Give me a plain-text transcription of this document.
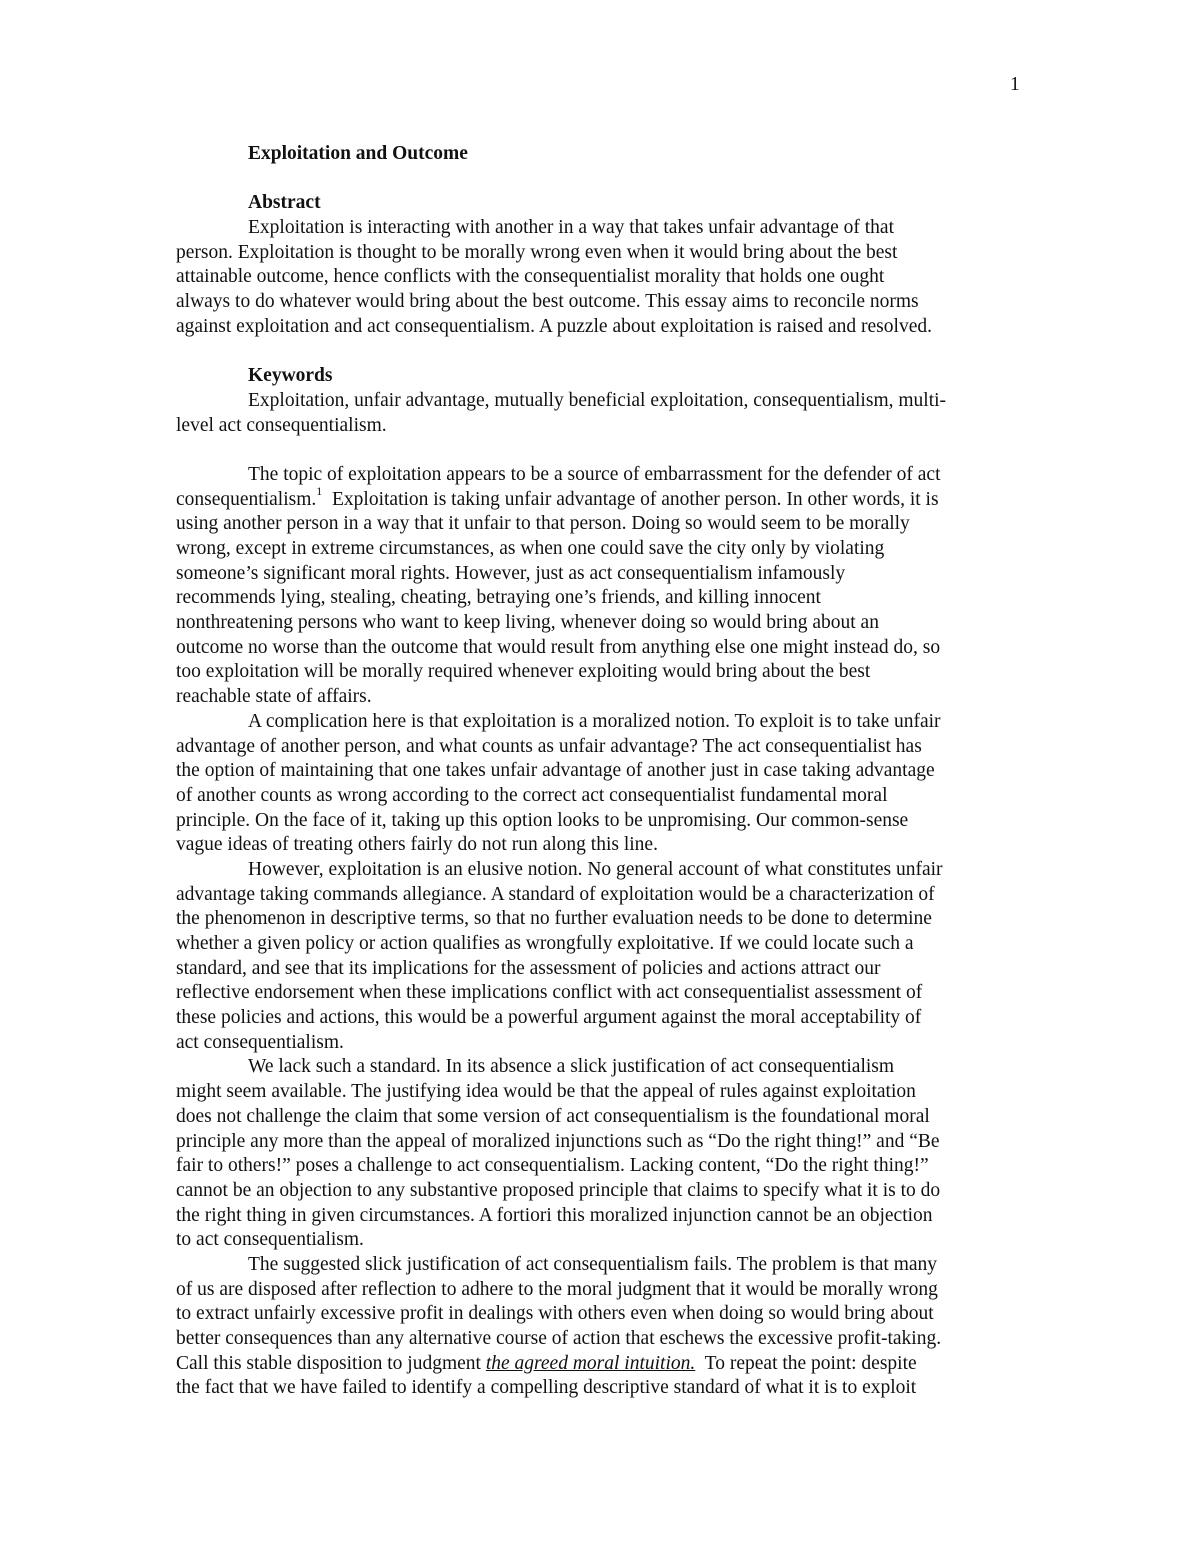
1
Exploitation and Outcome
Abstract
Exploitation is interacting with another in a way that takes unfair advantage of that
person. Exploitation is thought to be morally wrong even when it would bring about the best
attainable outcome, hence conflicts with the consequentialist morality that holds one ought
always to do whatever would bring about the best outcome. This essay aims to reconcile norms
against exploitation and act consequentialism. A puzzle about exploitation is raised and resolved.
Keywords
Exploitation, unfair advantage, mutually beneficial exploitation, consequentialism, multi-
level act consequentialism.
The topic of exploitation appears to be a source of embarrassment for the defender of act
consequentialism.$^1$  Exploitation is taking unfair advantage of another person. In other words, it is
using another person in a way that it unfair to that person. Doing so would seem to be morally
wrong, except in extreme circumstances, as when one could save the city only by violating
someone’s significant moral rights. However, just as act consequentialism infamously
recommends lying, stealing, cheating, betraying one’s friends, and killing innocent
nonthreatening persons who want to keep living, whenever doing so would bring about an
outcome no worse than the outcome that would result from anything else one might instead do, so
too exploitation will be morally required whenever exploiting would bring about the best
reachable state of affairs.
A complication here is that exploitation is a moralized notion. To exploit is to take unfair
advantage of another person, and what counts as unfair advantage? The act consequentialist has
the option of maintaining that one takes unfair advantage of another just in case taking advantage
of another counts as wrong according to the correct act consequentialist fundamental moral
principle. On the face of it, taking up this option looks to be unpromising. Our common-sense
vague ideas of treating others fairly do not run along this line.
However, exploitation is an elusive notion. No general account of what constitutes unfair
advantage taking commands allegiance. A standard of exploitation would be a characterization of
the phenomenon in descriptive terms, so that no further evaluation needs to be done to determine
whether a given policy or action qualifies as wrongfully exploitative. If we could locate such a
standard, and see that its implications for the assessment of policies and actions attract our
reflective endorsement when these implications conflict with act consequentialist assessment of
these policies and actions, this would be a powerful argument against the moral acceptability of
act consequentialism.
We lack such a standard. In its absence a slick justification of act consequentialism
might seem available. The justifying idea would be that the appeal of rules against exploitation
does not challenge the claim that some version of act consequentialism is the foundational moral
principle any more than the appeal of moralized injunctions such as “Do the right thing!” and “Be
fair to others!” poses a challenge to act consequentialism. Lacking content, “Do the right thing!”
cannot be an objection to any substantive proposed principle that claims to specify what it is to do
the right thing in given circumstances. A fortiori this moralized injunction cannot be an objection
to act consequentialism.
The suggested slick justification of act consequentialism fails. The problem is that many
of us are disposed after reflection to adhere to the moral judgment that it would be morally wrong
to extract unfairly excessive profit in dealings with others even when doing so would bring about
better consequences than any alternative course of action that eschews the excessive profit-taking.
Call this stable disposition to judgment the agreed moral intuition.  To repeat the point: despite
the fact that we have failed to identify a compelling descriptive standard of what it is to exploit
